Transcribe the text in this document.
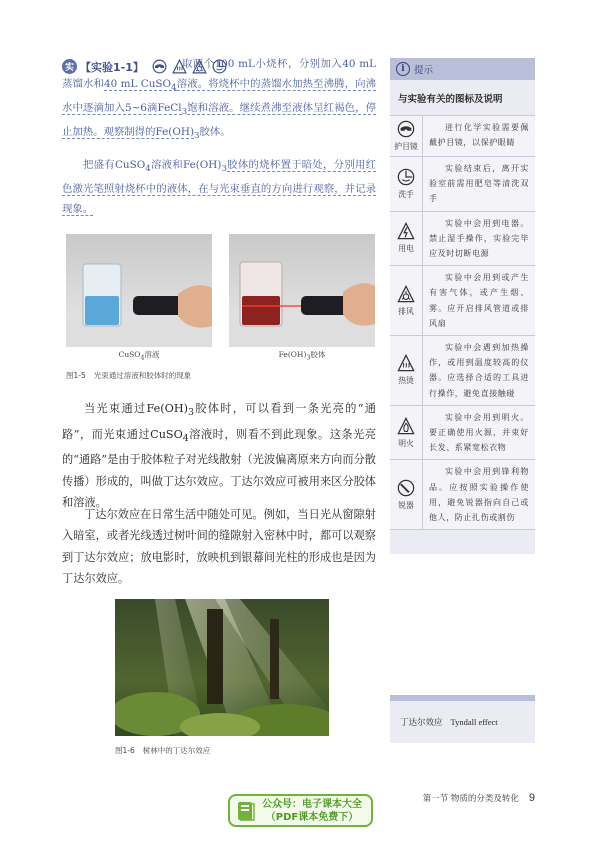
实 【实验1-1】	取两个100 mL小烧杯，分别加入40 mL蒸馏水和40 mL CuSO$_4$溶液。将烧杯中的蒸馏水加热至沸腾，向沸水中逐滴加入5~6滴FeCl$_3$饱和溶液。继续煮沸至液体呈红褐色，停止加热。观察制得的$Fe(OH)_3$胶体。
把盛有CuSO$_4$溶液和$Fe(OH)_3$胶体的烧杯置于暗处，分别用红色激光笔照射烧杯中的液体，在与光束垂直的方向进行观察，并记录现象。
CuSO$_4$溶液	$Fe(OH)_3$胶体
图1-5 光束通过溶液和胶体时的现象
当光束通过$Fe(OH)_3$胶体时，可以看到一条光亮的“通路”，而光束通过CuSO$_4$溶液时，则看不到此现象。这条光亮的“通路”是由于胶体粒子对光线散射（光波偏离原来方向而分散传播）形成的，叫做丁达尔效应。丁达尔效应可被用来区分胶体和溶液。
丁达尔效应在日常生活中随处可见。例如，当日光从窗隙射入暗室，或者光线透过树叶间的缝隙射入密林中时，都可以观察到丁达尔效应；放电影时，放映机到银幕间光柱的形成也是因为丁达尔效应。
图1-6 树林中的丁达尔效应
i 提示
与实验有关的图标及说明
护目镜
进行化学实验需要佩戴护目镜，以保护眼睛
洗手
实验结束后，离开实验室前需用肥皂等清洗双手
用电
实验中会用到电器。禁止湿手操作，实验完毕应及时切断电源
排风
实验中会用到或产生有害气体，或产生烟、雾。应开启排风管道或排风扇
热烫
实验中会遇到加热操作，或用到温度较高的仪器。应选择合适的工具进行操作，避免直接触碰
明火
实验中会用到明火。要正确使用火源，并束好长发、系紧宽松衣物
锐器
实验中会用到锋利物品。应按照实验操作使用，避免锐器指向自己或他人，防止扎伤或割伤
丁达尔效应 Tyndall effect
公众号：电子课本大全
（PDF课本免费下）
第一节 物质的分类及转化 9
